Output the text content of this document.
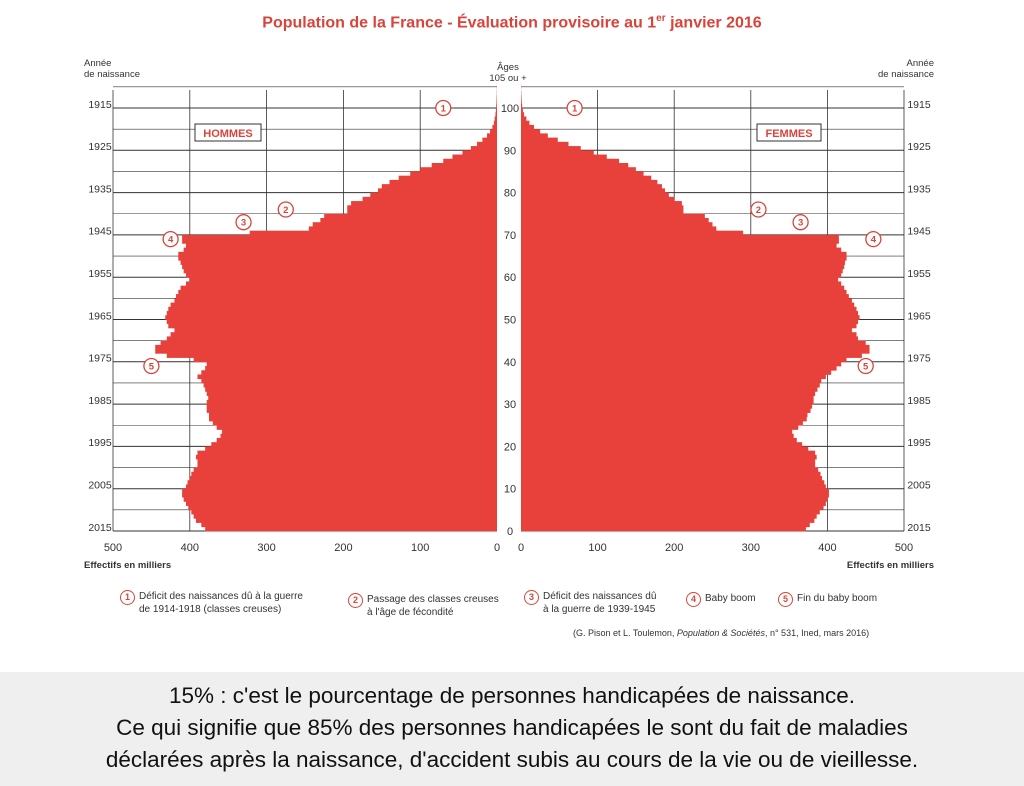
Population de la France - Évaluation provisoire au 1er janvier 2016
Année
de naissance
Année
de naissance
Âges
105 ou +
0
10
20
30
40
50
60
70
80
90
100
2015	2015
2005	2005
1995	1995
1985	1985
1975	1975
1965	1965
1955	1955
1945	1945
1935	1935
1925	1925
1915	1915
500	400	300	200	100	0 0	100	200	300	400	500
HOMMES	FEMMES
1
2
3
4
5
1
2
3
4
5
Effectifs en milliers	Effectifs en milliers
1 Déficit des naissances dû à la guerre
de 1914-1918 (classes creuses)
2 Passage des classes creuses
à l'âge de fécondité
3 Déficit des naissances dû
à la guerre de 1939-1945
4 Baby boom	5 Fin du baby boom
(G. Pison et L. Toulemon, Population & Sociétés, n° 531, Ined, mars 2016)
15% : c'est le pourcentage de personnes handicapées de naissance.
Ce qui signifie que 85% des personnes handicapées le sont du fait de maladies
déclarées après la naissance, d'accident subis au cours de la vie ou de vieillesse.
